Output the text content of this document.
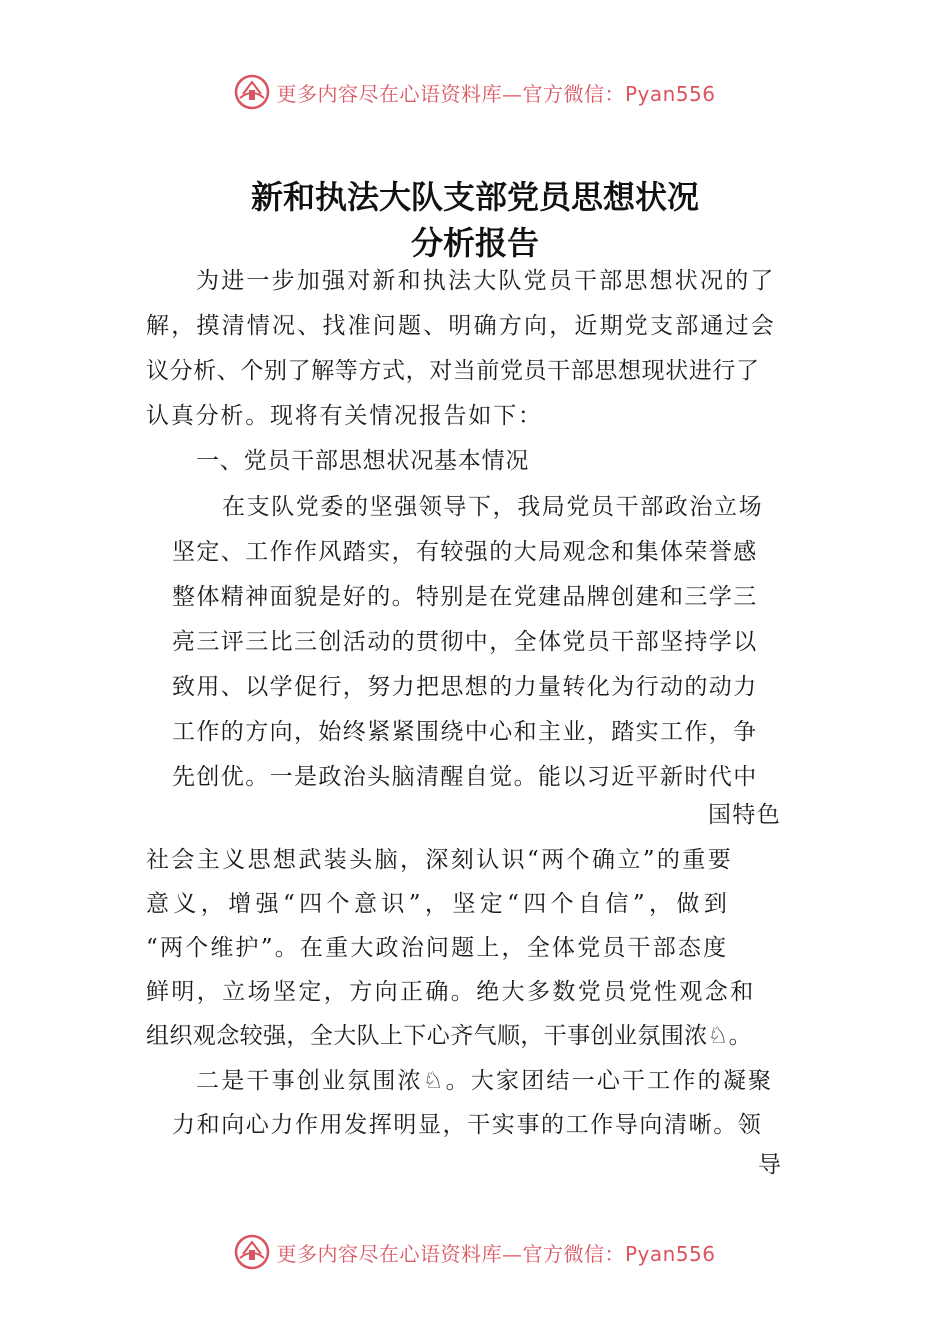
更多内容尽在心语资料库—官方微信：Pyan556
新和执法大队支部党员思想状况
分析报告
为进一步加强对新和执法大队党员干部思想状况的了
解，摸清情况、找准问题、明确方向，近期党支部通过会
议分析、个别了解等方式，对当前党员干部思想现状进行了
认真分析。现将有关情况报告如下：
一、党员干部思想状况基本情况
在支队党委的坚强领导下，我局党员干部政治立场
坚定、工作作风踏实，有较强的大局观念和集体荣誉感
整体精神面貌是好的。特别是在党建品牌创建和三学三
亮三评三比三创活动的贯彻中，全体党员干部坚持学以
致用、以学促行，努力把思想的力量转化为行动的动力
工作的方向，始终紧紧围绕中心和主业，踏实工作，争
先创优。一是政治头脑清醒自觉。能以习近平新时代中
国特色
社会主义思想武装头脑，深刻认识“两个确立”的重要
意义，增强“四个意识”，坚定“四个自信”，做到
“两个维护”。在重大政治问题上，全体党员干部态度
鲜明，立场坚定，方向正确。绝大多数党员党性观念和
组织观念较强，全大队上下心齐气顺，干事创业氛围浓♘。
二是干事创业氛围浓♘。大家团结一心干工作的凝聚
力和向心力作用发挥明显，干实事的工作导向清晰。领
导
更多内容尽在心语资料库—官方微信：Pyan556
